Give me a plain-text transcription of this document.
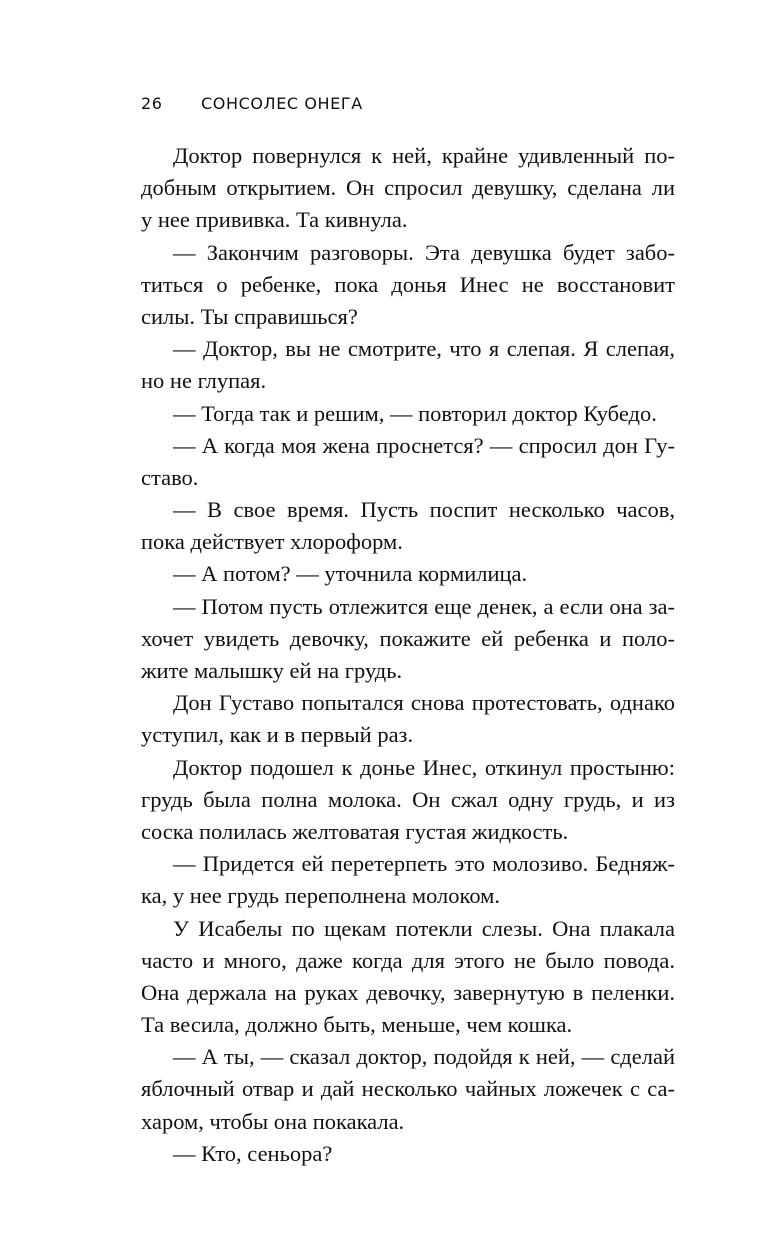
26 СОНСОЛЕС ОНЕГА
Доктор повернулся к ней, крайне удивленный по-
добным открытием. Он спросил девушку, сделана ли
у нее прививка. Та кивнула.
— Закончим разговоры. Эта девушка будет забо-
титься о ребенке, пока донья Инес не восстановит
силы. Ты справишься?
— Доктор, вы не смотрите, что я слепая. Я слепая,
но не глупая.
— Тогда так и решим, — повторил доктор Кубедо.
— А когда моя жена проснется? — спросил дон Гу-
ставо.
— В свое время. Пусть поспит несколько часов,
пока действует хлороформ.
— А потом? — уточнила кормилица.
— Потом пусть отлежится еще денек, а если она за-
хочет увидеть девочку, покажите ей ребенка и поло-
жите малышку ей на грудь.
Дон Густаво попытался снова протестовать, однако
уступил, как и в первый раз.
Доктор подошел к донье Инес, откинул простыню:
грудь была полна молока. Он сжал одну грудь, и из
соска полилась желтоватая густая жидкость.
— Придется ей перетерпеть это молозиво. Бедняж-
ка, у нее грудь переполнена молоком.
У Исабелы по щекам потекли слезы. Она плакала
часто и много, даже когда для этого не было повода.
Она держала на руках девочку, завернутую в пеленки.
Та весила, должно быть, меньше, чем кошка.
— А ты, — сказал доктор, подойдя к ней, — сделай
яблочный отвар и дай несколько чайных ложечек с са-
харом, чтобы она покакала.
— Кто, сеньора?
